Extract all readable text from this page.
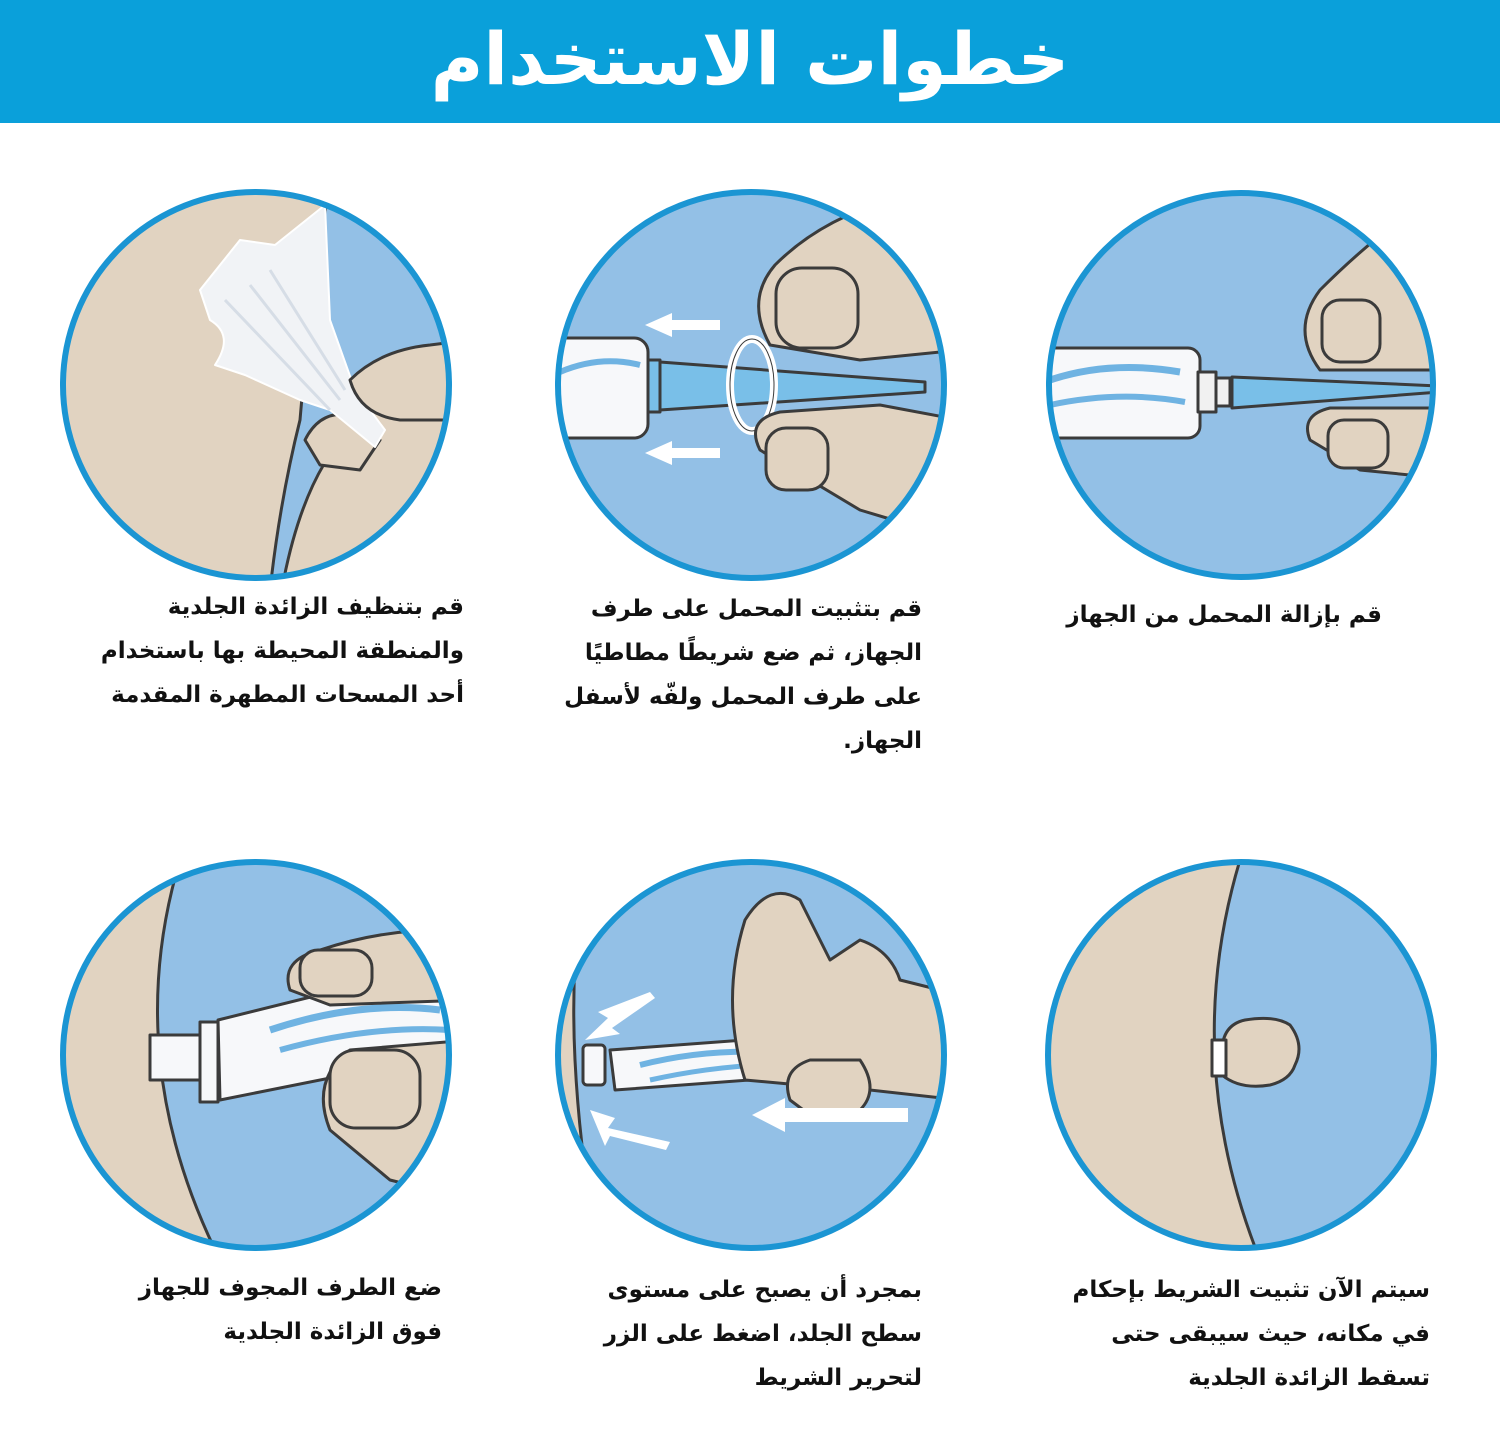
خطوات الاستخدام

قم بإزالة المحمل من الجهاز

قم بتثبيت المحمل على طرف الجهاز، ثم ضع شريطًا مطاطيًا على طرف المحمل ولفّه لأسفل الجهاز.

قم بتنظيف الزائدة الجلدية والمنطقة المحيطة بها باستخدام أحد المسحات المطهرة المقدمة

ضع الطرف المجوف للجهاز فوق الزائدة الجلدية

بمجرد أن يصبح على مستوى سطح الجلد، اضغط على الزر لتحرير الشريط

سيتم الآن تثبيت الشريط بإحكام في مكانه، حيث سيبقى حتى تسقط الزائدة الجلدية
